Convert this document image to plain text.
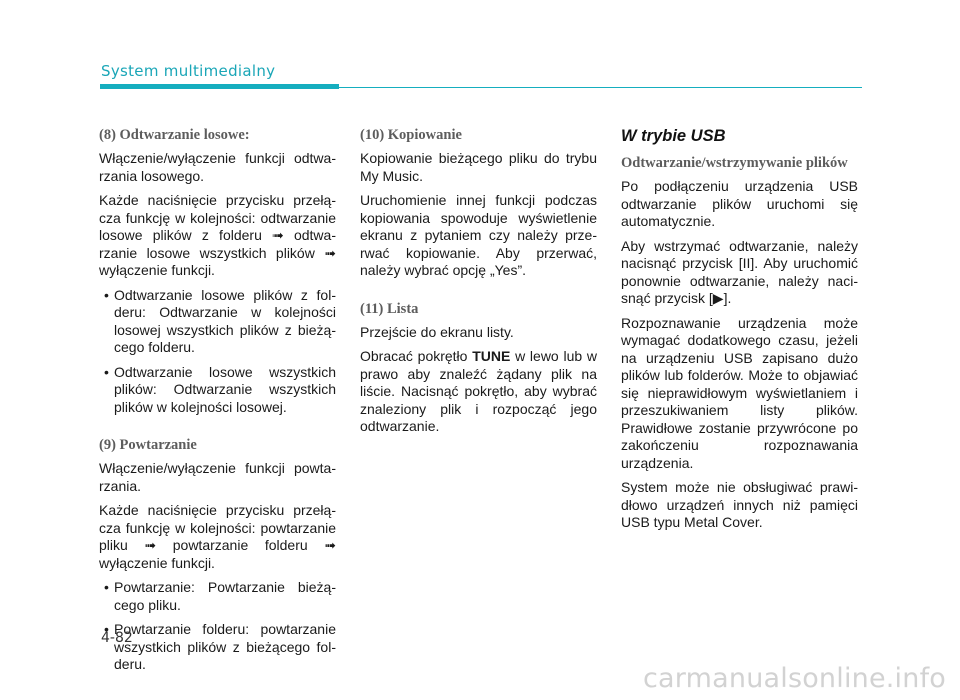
System multimedialny
(8) Odtwarzanie losowe:

Włączenie/wyłączenie funkcji odtwarzania losowego.

Każde naciśnięcie przycisku przełącza funkcję w kolejności: odtwarzanie losowe plików z folderu ➟ odtwarzanie losowe wszystkich plików ➟ wyłączenie funkcji.

• Odtwarzanie losowe plików z folderu: Odtwarzanie w kolejności losowej wszystkich plików z bieżącego folderu.
• Odtwarzanie losowe wszystkich plików: Odtwarzanie wszystkich plików w kolejności losowej.
(9) Powtarzanie

Włączenie/wyłączenie funkcji powtarzania.

Każde naciśnięcie przycisku przełącza funkcję w kolejności: powtarzanie pliku ➟ powtarzanie folderu ➟ wyłączenie funkcji.

• Powtarzanie: Powtarzanie bieżącego pliku.
• Powtarzanie folderu: powtarzanie wszystkich plików z bieżącego folderu.
(10) Kopiowanie

Kopiowanie bieżącego pliku do trybu My Music.

Uruchomienie innej funkcji podczas kopiowania spowoduje wyświetlenie ekranu z pytaniem czy należy przerwać kopiowanie. Aby przerwać, należy wybrać opcję „Yes”.

(11) Lista

Przejście do ekranu listy.

Obracać pokrętło TUNE w lewo lub w prawo aby znaleźć żądany plik na liście. Nacisnąć pokrętło, aby wybrać znaleziony plik i rozpocząć jego odtwarzanie.

W trybie USB
Odtwarzanie/wstrzymywanie plików

Po podłączeniu urządzenia USB odtwarzanie plików uruchomi się automatycznie.

Aby wstrzymać odtwarzanie, należy nacisnąć przycisk [II]. Aby uruchomić ponownie odtwarzanie, należy nacisnąć przycisk [▶].

Rozpoznawanie urządzenia może wymagać dodatkowego czasu, jeżeli na urządzeniu USB zapisano dużo plików lub folderów. Może to objawiać się nieprawidłowym wyświetlaniem i przeszukiwaniem listy plików. Prawidłowe zostanie przywrócone po zakończeniu rozpoznawania urządzenia.

System może nie obsługiwać prawidłowo urządzeń innych niż pamięci USB typu Metal Cover.

4-82
carmanualsonline.info
